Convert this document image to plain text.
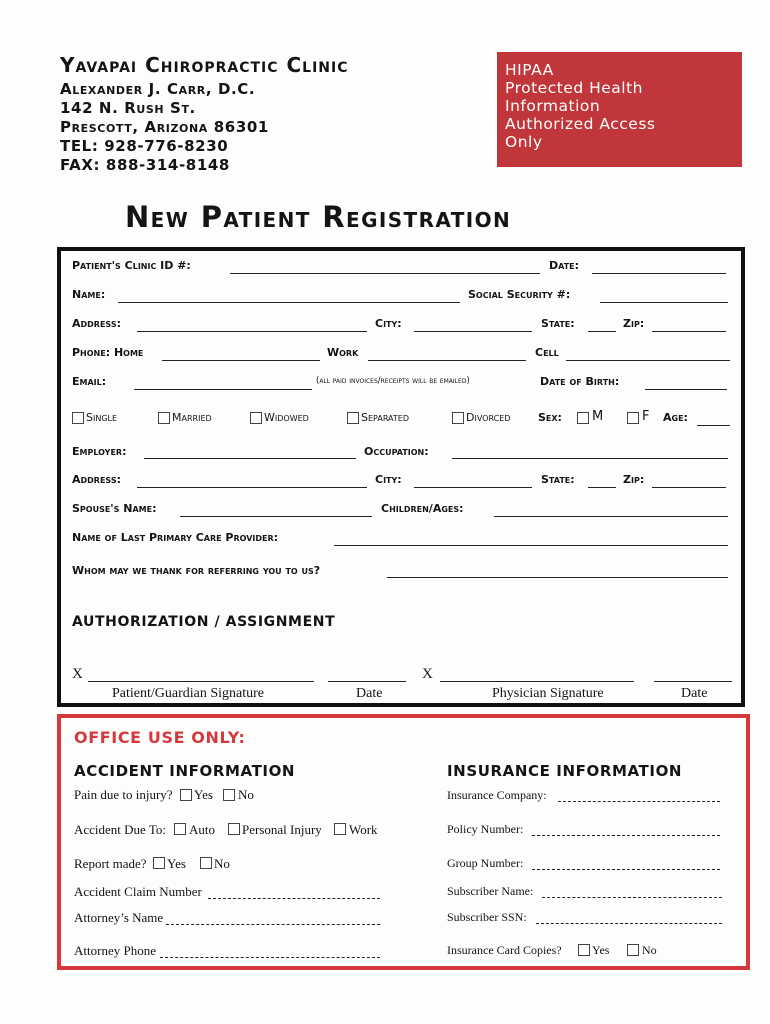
Yavapai Chiropractic Clinic
Alexander J. Carr, D.C.
142 N. Rush St.
Prescott, Arizona 86301
TEL: 928-776-8230
FAX: 888-314-8148
HIPAA
Protected Health
Information
Authorized Access
Only
New Patient Registration
Patient's Clinic ID #:	Date:
Name:	Social Security #:
Address:	City:	State:	Zip:
Phone: Home	Work	Cell
Email:	(all paid invoices/receipts will be emailed)	Date of Birth:
Single	Married	Widowed	Separated	Divorced	Sex: M	F Age:
Employer:	Occupation:
Address:	City:	State:	Zip:
Spouse's Name:	Children/Ages:
Name of Last Primary Care Provider:
Whom may we thank for referring you to us?
AUTHORIZATION / ASSIGNMENT
X	X
Patient/Guardian Signature	Date	Physician Signature	Date
OFFICE USE ONLY:
ACCIDENT INFORMATION	INSURANCE INFORMATION
Pain due to injury? Yes No
Accident Due To: Auto Personal Injury Work
Report made? Yes No
Accident Claim Number
Attorney’s Name
Attorney Phone
Insurance Company:
Policy Number:
Group Number:
Subscriber Name:
Subscriber SSN:
Insurance Card Copies?	Yes	No
